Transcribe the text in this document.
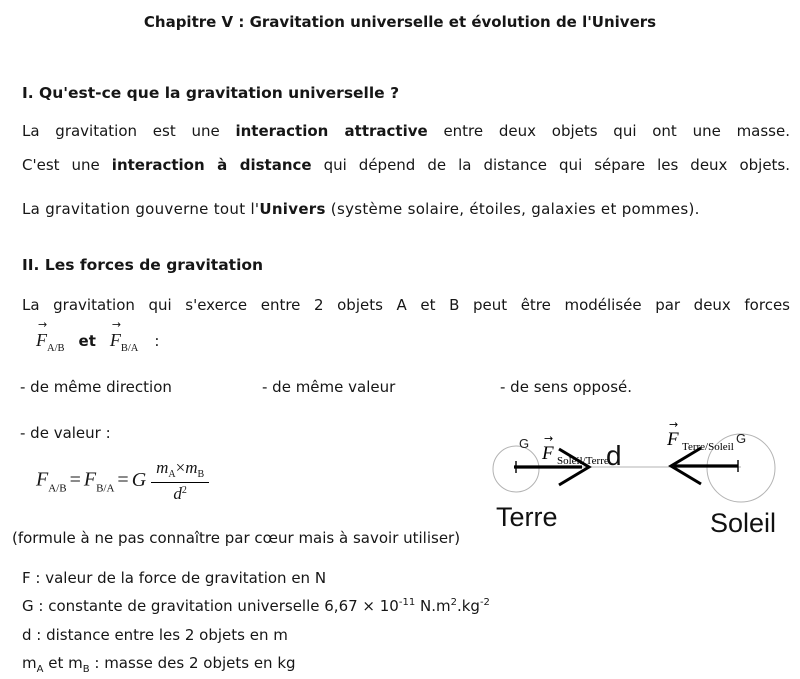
Chapitre V : Gravitation universelle et évolution de l'Univers
I. Qu'est-ce que la gravitation universelle ?
La gravitation est une interaction attractive entre deux objets qui ont une masse.
C'est une interaction à distance qui dépend de la distance qui sépare les deux objets.
La gravitation gouverne tout l'Univers (système solaire, étoiles, galaxies et pommes).
II. Les forces de gravitation
La gravitation qui s'exerce entre 2 objets A et B peut être modélisée par deux forces
→
$F_{A/B}$ et
→
$F_{B/A}$ :
- de même direction	- de même valeur	- de sens opposé.
- de valeur :
$F_{A/B} = F_{B/A} = G \frac{m_A\times m_B}{d^2}$
G →
F Soleil/Terre
d
→
F Terre/Soleil
G
Terre	Soleil
(formule à ne pas connaître par cœur mais à savoir utiliser)
F : valeur de la force de gravitation en N
G : constante de gravitation universelle $6,67 \times 10^{-11}$ $N.m^2.kg^{-2}$
d : distance entre les 2 objets en m
$m_A$ et $m_B$ : masse des 2 objets en kg
